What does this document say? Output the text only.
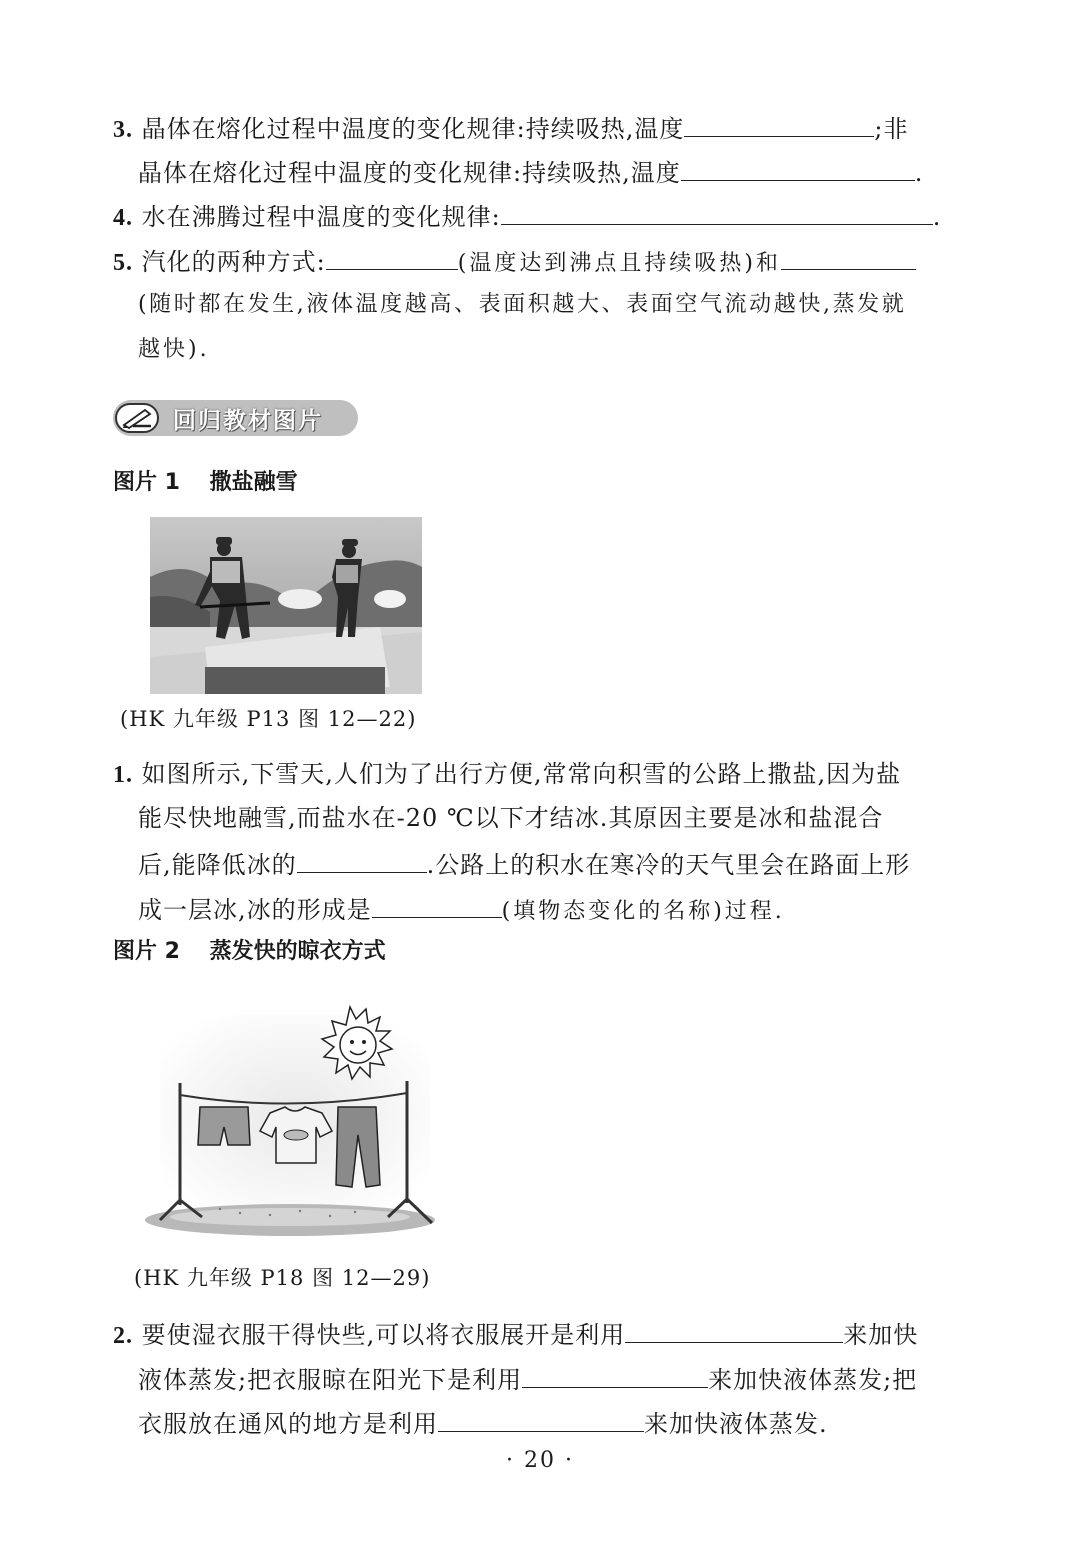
3. 晶体在熔化过程中温度的变化规律:持续吸热,温度	;非
晶体在熔化过程中温度的变化规律:持续吸热,温度	.
4. 水在沸腾过程中温度的变化规律:	.
5. 汽化的两种方式:	(温度达到沸点且持续吸热)和
(随时都在发生,液体温度越高、表面积越大、表面空气流动越快,蒸发就
越快).
回归教材图片
图片 1 撒盐融雪
(HK 九年级 P13 图 12—22)
1. 如图所示,下雪天,人们为了出行方便,常常向积雪的公路上撒盐,因为盐
能尽快地融雪,而盐水在-20 ℃以下才结冰.其原因主要是冰和盐混合
后,能降低冰的	.公路上的积水在寒冷的天气里会在路面上形
成一层冰,冰的形成是	(填物态变化的名称)过程.
图片 2 蒸发快的晾衣方式
(HK 九年级 P18 图 12—29)
2. 要使湿衣服干得快些,可以将衣服展开是利用	来加快
液体蒸发;把衣服晾在阳光下是利用	来加快液体蒸发;把
衣服放在通风的地方是利用	来加快液体蒸发.
· 20 ·
